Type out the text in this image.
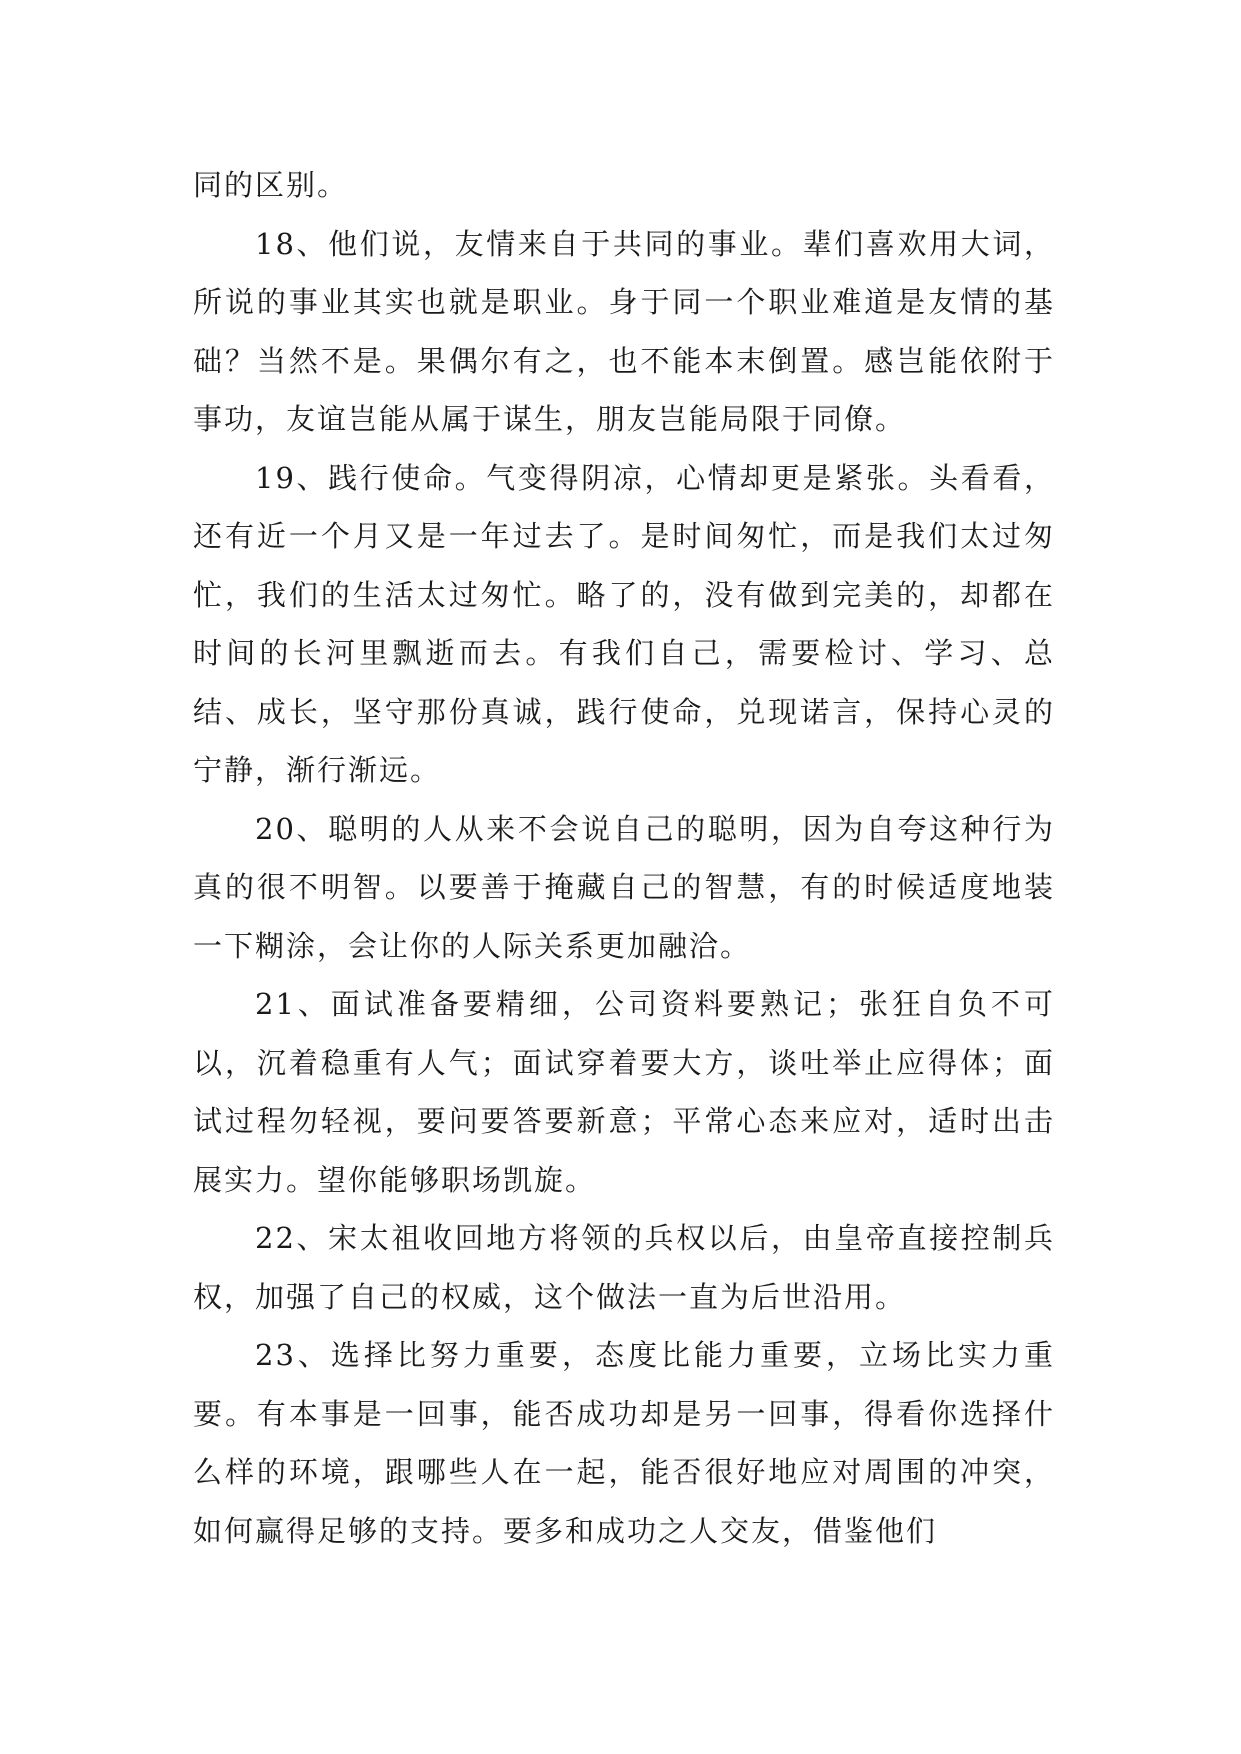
同的区别。

18、他们说，友情来自于共同的事业。辈们喜欢用大词，所说的事业其实也就是职业。身于同一个职业难道是友情的基础？当然不是。果偶尔有之，也不能本末倒置。感岂能依附于事功，友谊岂能从属于谋生，朋友岂能局限于同僚。

19、践行使命。气变得阴凉，心情却更是紧张。头看看，还有近一个月又是一年过去了。是时间匆忙，而是我们太过匆忙，我们的生活太过匆忙。略了的，没有做到完美的，却都在时间的长河里飘逝而去。有我们自己，需要检讨、学习、总结、成长，坚守那份真诚，践行使命，兑现诺言，保持心灵的宁静，渐行渐远。

20、聪明的人从来不会说自己的聪明，因为自夸这种行为真的很不明智。以要善于掩藏自己的智慧，有的时候适度地装一下糊涂，会让你的人际关系更加融洽。

21、面试准备要精细，公司资料要熟记；张狂自负不可以，沉着稳重有人气；面试穿着要大方，谈吐举止应得体；面试过程勿轻视，要问要答要新意；平常心态来应对，适时出击展实力。望你能够职场凯旋。

22、宋太祖收回地方将领的兵权以后，由皇帝直接控制兵权，加强了自己的权威，这个做法一直为后世沿用。

23、选择比努力重要，态度比能力重要，立场比实力重要。有本事是一回事，能否成功却是另一回事，得看你选择什么样的环境，跟哪些人在一起，能否很好地应对周围的冲突，如何赢得足够的支持。要多和成功之人交友，借鉴他们
